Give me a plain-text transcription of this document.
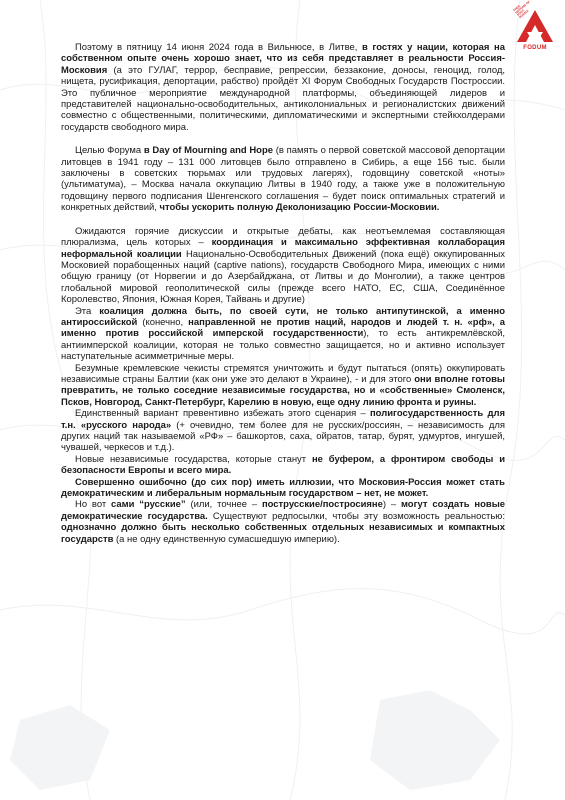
FREE NATIONS OF POST-RUSSIA
FODUM

Поэтому в пятницу 14 июня 2024 года в Вильнюсе, в Литве, в гостях у нации, которая на собственном опыте очень хорошо знает, что из себя представляет в реальности Россия-Московия (а это ГУЛАГ, террор, бесправие, репрессии, беззаконие, доносы, геноцид, голод, нищета, русификация, депортации, рабство) пройдёт XI Форум Свободных Государств Построссии. Это публичное мероприятие международной платформы, объединяющей лидеров и представителей национально-освободительных, антиколониальных и регионалистских движений совместно с общественными, политическими, дипломатическими и экспертными стейкхолдерами государств свободного мира.

Целью Форума в Day of Mourning and Hope (в память о первой советской массовой депортации литовцев в 1941 году – 131 000 литовцев было отправлено в Сибирь, а еще 156 тыс. были заключены в советских тюрьмах или трудовых лагерях), годовщину советской «ноты» (ультиматума), – Москва начала оккупацию Литвы в 1940 году, а также уже в положительную годовщину первого подписания Шенгенского соглашения – будет поиск оптимальных стратегий и конкретных действий, чтобы ускорить полную Деколонизацию России-Московии.

Ожидаются горячие дискуссии и открытые дебаты, как неотъемлемая составляющая плюрализма, цель которых – координация и максимально эффективная коллаборация неформальной коалиции Национально-Освободительных Движений (пока ещё) оккупированных Московией порабощенных наций (captive nations), государств Свободного Мира, имеющих с ними общую границу (от Норвегии и до Азербайджана, от Литвы и до Монголии), а также центров глобальной мировой геополитической силы (прежде всего НАТО, ЕС, США, Соединённое Королевство, Япония, Южная Корея, Тайвань и другие)

Эта коалиция должна быть, по своей сути, не только антипутинской, а именно антироссийской (конечно, направленной не против наций, народов и людей т. н. «рф», а именно против российской имперской государственности), то есть антикремлёвской, антиимперской коалиции, которая не только совместно защищается, но и активно использует наступательные асимметричные меры.

Безумные кремлевские чекисты стремятся уничтожить и будут пытаться (опять) оккупировать независимые страны Балтии (как они уже это делают в Украине), - и для этого они вполне готовы превратить, не только соседние независимые государства, но и «собственные» Смоленск, Псков, Новгород, Санкт-Петербург, Карелию в новую, еще одну линию фронта и руины.

Единственный вариант превентивно избежать этого сценария – полигосударственность для т.н. «русского народа» (+ очевидно, тем более для не русских/россиян, – независимость для других наций так называемой «РФ» – башкортов, саха, ойратов, татар, бурят, удмуртов, ингушей, чувашей, черкесов и т.д.).

Новые независимые государства, которые станут не буфером, а фронтиром свободы и безопасности Европы и всего мира.

Совершенно ошибочно (до сих пор) иметь иллюзии, что Московия-Россия может стать демократическим и либеральным нормальным государством – нет, не может.

Но вот сами “русские” (или, точнее – пострусские/постросияне) – могут создать новые демократические государства. Существуют редпосылки, чтобы эту возможность реальностью: однозначно должно быть несколько собственных отдельных независимых и компактных государств (а не одну единственную сумасшедшую империю).
